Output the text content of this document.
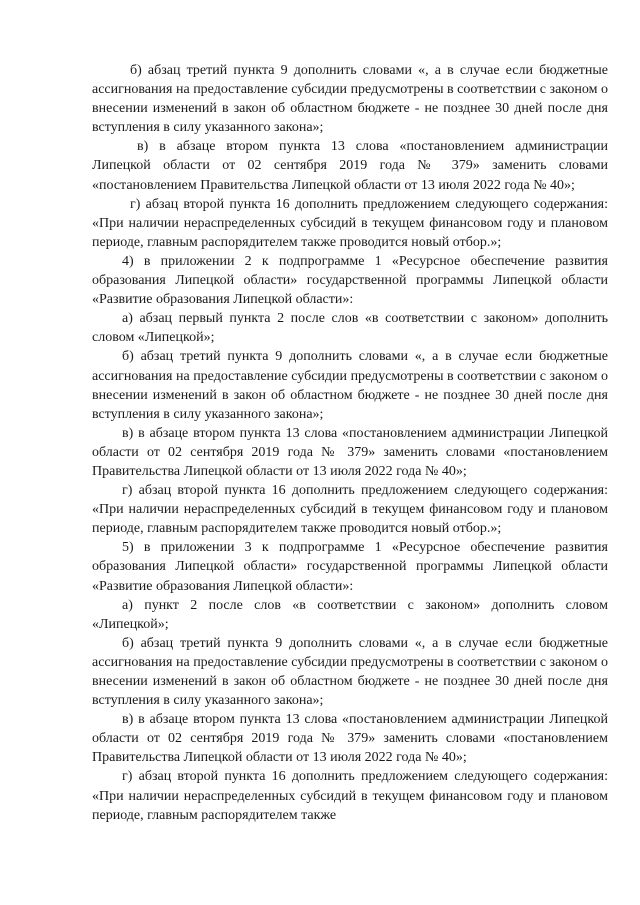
б) абзац третий пункта 9 дополнить словами «, а в случае если бюджетные ассигнования на предоставление субсидии предусмотрены в соответствии с законом о внесении изменений в закон об областном бюджете - не позднее 30 дней после дня вступления в силу указанного закона»;

в) в абзаце втором пункта 13 слова «постановлением администрации Липецкой области от 02 сентября 2019 года № 379» заменить словами «постановлением Правительства Липецкой области от 13 июля 2022 года № 40»;

г) абзац второй пункта 16 дополнить предложением следующего содержания: «При наличии нераспределенных субсидий в текущем финансовом году и плановом периоде, главным распорядителем также проводится новый отбор.»;

4) в приложении 2 к подпрограмме 1 «Ресурсное обеспечение развития образования Липецкой области» государственной программы Липецкой области «Развитие образования Липецкой области»:

а) абзац первый пункта 2 после слов «в соответствии с законом» дополнить словом «Липецкой»;

б) абзац третий пункта 9 дополнить словами «, а в случае если бюджетные ассигнования на предоставление субсидии предусмотрены в соответствии с законом о внесении изменений в закон об областном бюджете - не позднее 30 дней после дня вступления в силу указанного закона»;

в) в абзаце втором пункта 13 слова «постановлением администрации Липецкой области от 02 сентября 2019 года № 379» заменить словами «постановлением Правительства Липецкой области от 13 июля 2022 года № 40»;

г) абзац второй пункта 16 дополнить предложением следующего содержания: «При наличии нераспределенных субсидий в текущем финансовом году и плановом периоде, главным распорядителем также проводится новый отбор.»;

5) в приложении 3 к подпрограмме 1 «Ресурсное обеспечение развития образования Липецкой области» государственной программы Липецкой области «Развитие образования Липецкой области»:

а) пункт 2 после слов «в соответствии с законом» дополнить словом «Липецкой»;

б) абзац третий пункта 9 дополнить словами «, а в случае если бюджетные ассигнования на предоставление субсидии предусмотрены в соответствии с законом о внесении изменений в закон об областном бюджете - не позднее 30 дней после дня вступления в силу указанного закона»;

в) в абзаце втором пункта 13 слова «постановлением администрации Липецкой области от 02 сентября 2019 года № 379» заменить словами «постановлением Правительства Липецкой области от 13 июля 2022 года № 40»;

г) абзац второй пункта 16 дополнить предложением следующего содержания: «При наличии нераспределенных субсидий в текущем финансовом году и плановом периоде, главным распорядителем также
